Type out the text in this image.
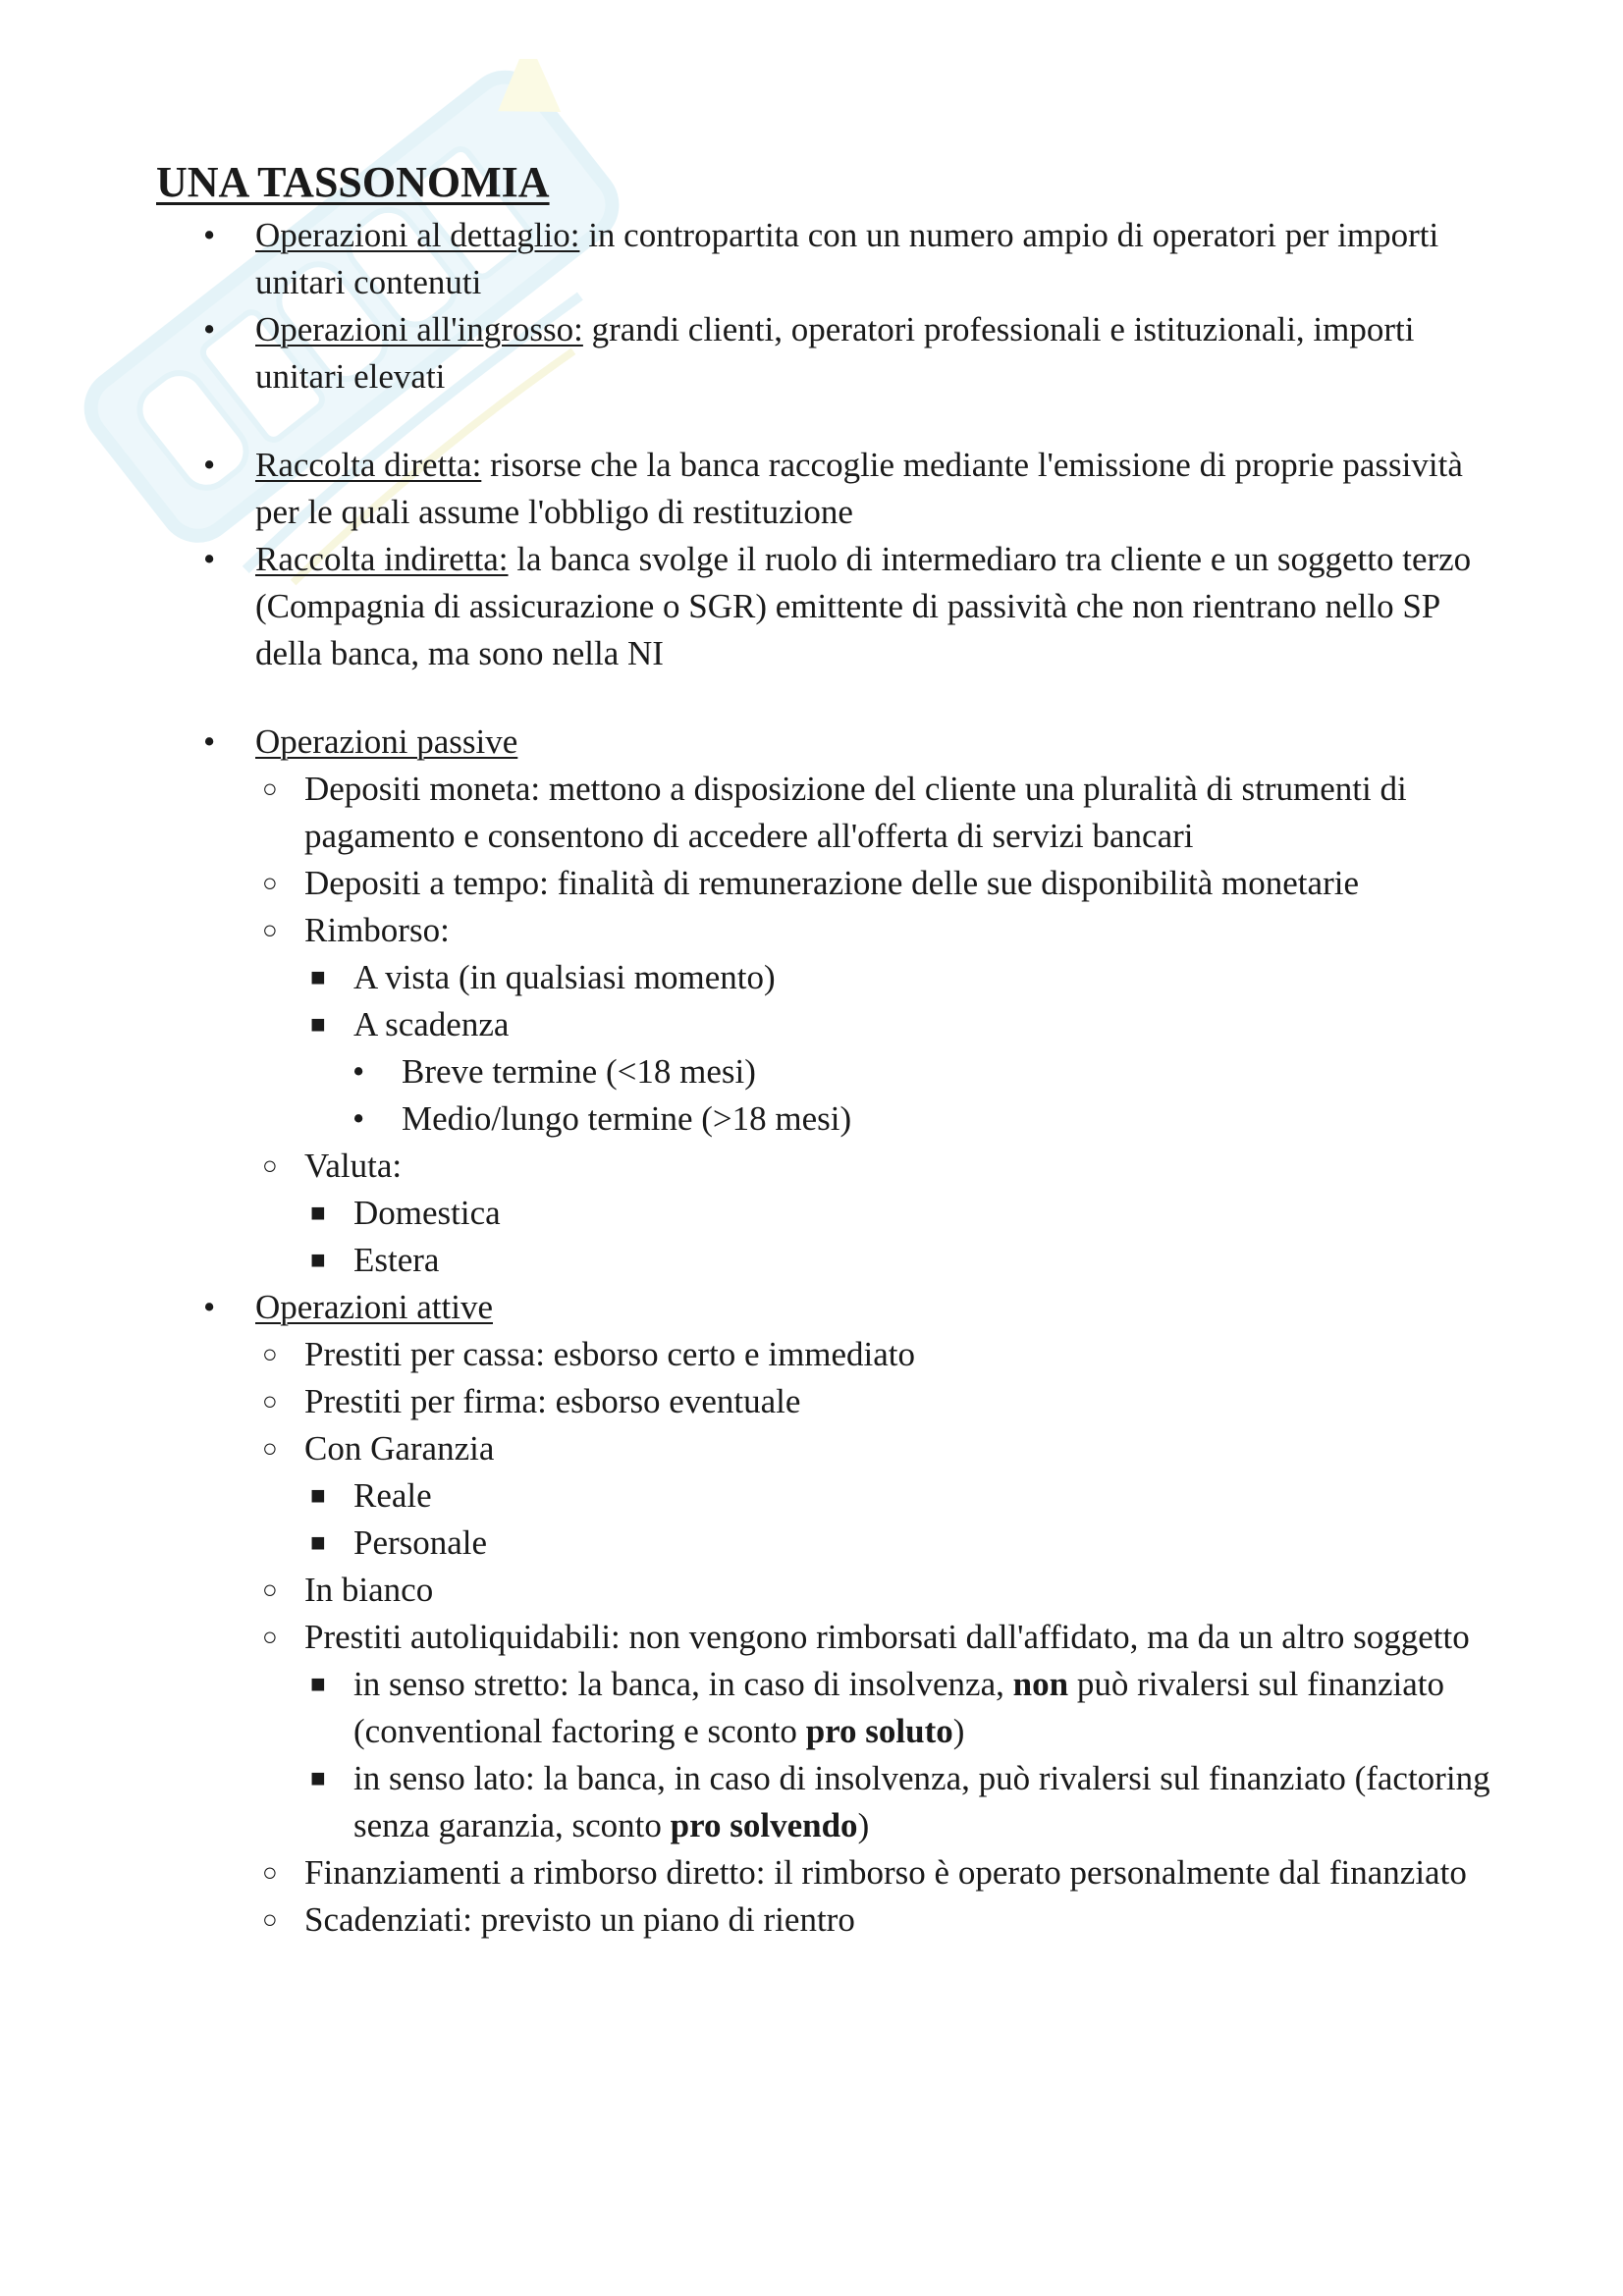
UNA TASSONOMIA
• Operazioni al dettaglio: in contropartita con un numero ampio di operatori per importi unitari contenuti
• Operazioni all'ingrosso: grandi clienti, operatori professionali e istituzionali, importi unitari elevati
• Raccolta diretta: risorse che la banca raccoglie mediante l'emissione di proprie passività per le quali assume l'obbligo di restituzione
• Raccolta indiretta: la banca svolge il ruolo di intermediaro tra cliente e un soggetto terzo (Compagnia di assicurazione o SGR) emittente di passività che non rientrano nello SP della banca, ma sono nella NI
• Operazioni passive
○ Depositi moneta: mettono a disposizione del cliente una pluralità di strumenti di pagamento e consentono di accedere all'offerta di servizi bancari
○ Depositi a tempo: finalità di remunerazione delle sue disponibilità monetarie
○ Rimborso:
■ A vista (in qualsiasi momento)
■ A scadenza
• Breve termine (<18 mesi)
• Medio/lungo termine (>18 mesi)
○ Valuta:
■ Domestica
■ Estera
• Operazioni attive
○ Prestiti per cassa: esborso certo e immediato
○ Prestiti per firma: esborso eventuale
○ Con Garanzia
■ Reale
■ Personale
○ In bianco
○ Prestiti autoliquidabili: non vengono rimborsati dall'affidato, ma da un altro soggetto
■ in senso stretto: la banca, in caso di insolvenza, non può rivalersi sul finanziato (conventional factoring e sconto pro soluto)
■ in senso lato: la banca, in caso di insolvenza, può rivalersi sul finanziato (factoring senza garanzia, sconto pro solvendo)
○ Finanziamenti a rimborso diretto: il rimborso è operato personalmente dal finanziato
○ Scadenziati: previsto un piano di rientro
